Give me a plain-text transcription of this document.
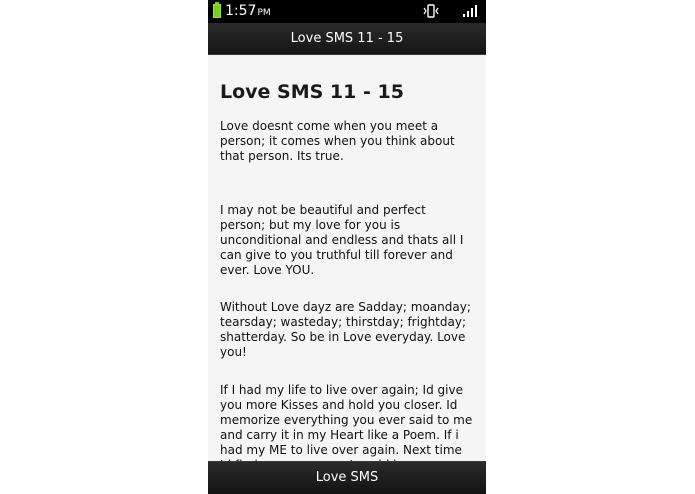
1:57PM
Love SMS 11 - 15
Love SMS 11 - 15

Love doesnt come when you meet a person; it comes when you think about that person. Its true.

I may not be beautiful and perfect person; but my love for you is unconditional and endless and thats all I can give to you truthful till forever and ever. Love YOU.

Without Love dayz are Sadday; moanday; tearsday; wasteday; thirstday; frightday; shatterday. So be in Love everyday. Love you!

If I had my life to live over again; Id give you more Kisses and hold you closer. Id memorize everything you ever said to me and carry it in my Heart like a Poem. If i had my ME to live over again. Next time

Love SMS
